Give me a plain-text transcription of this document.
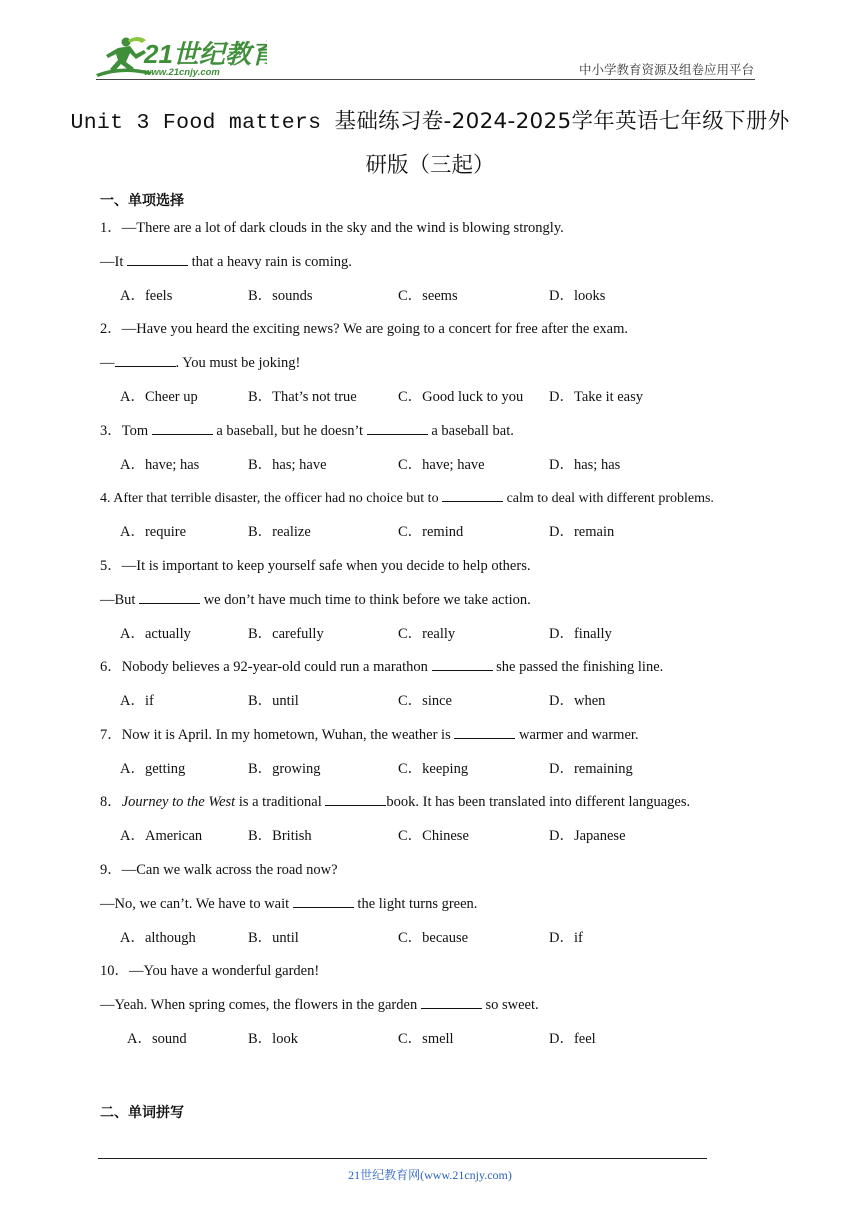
21世纪教育
www.21cnjy.com	中小学教育资源及组卷应用平台
Unit 3 Food matters 基础练习卷-2024-2025学年英语七年级下册外
研版（三起）
一、单项选择
1．—There are a lot of dark clouds in the sky and the wind is blowing strongly.
—It	that a heavy rain is coming.
A．feels	B．sounds	C．seems	D．looks
2．—Have you heard the exciting news? We are going to a concert for free after the exam.
—	. You must be joking!
A．Cheer up	B．That’s not true	C．Good luck to you D．Take it easy
3．Tom	a baseball, but he doesn’t	a baseball bat.
A．have; has	B．has; have	C．have; have	D．has; has
4. After that terrible disaster, the officer had no choice but to	calm to deal with different problems.
A．require	B．realize	C．remind	D．remain
5．—It is important to keep yourself safe when you decide to help others.
—But	we don’t have much time to think before we take action.
A．actually	B．carefully	C．really	D．finally
6．Nobody believes a 92-year-old could run a marathon	she passed the finishing line.
A．if	B．until	C．since	D．when
7．Now it is April. In my hometown, Wuhan, the weather is	warmer and warmer.
A．getting	B．growing	C．keeping	D．remaining
8．Journey to the West is a traditional	book. It has been translated into different languages.
A．American	B．British	C．Chinese	D．Japanese
9．—Can we walk across the road now?
—No, we can’t. We have to wait	the light turns green.
A．although	B．until	C．because	D．if
10．—You have a wonderful garden!
—Yeah. When spring comes, the flowers in the garden	so sweet.
A．sound	B．look	C．smell	D．feel
二、单词拼写
21世纪教育网(www.21cnjy.com)
